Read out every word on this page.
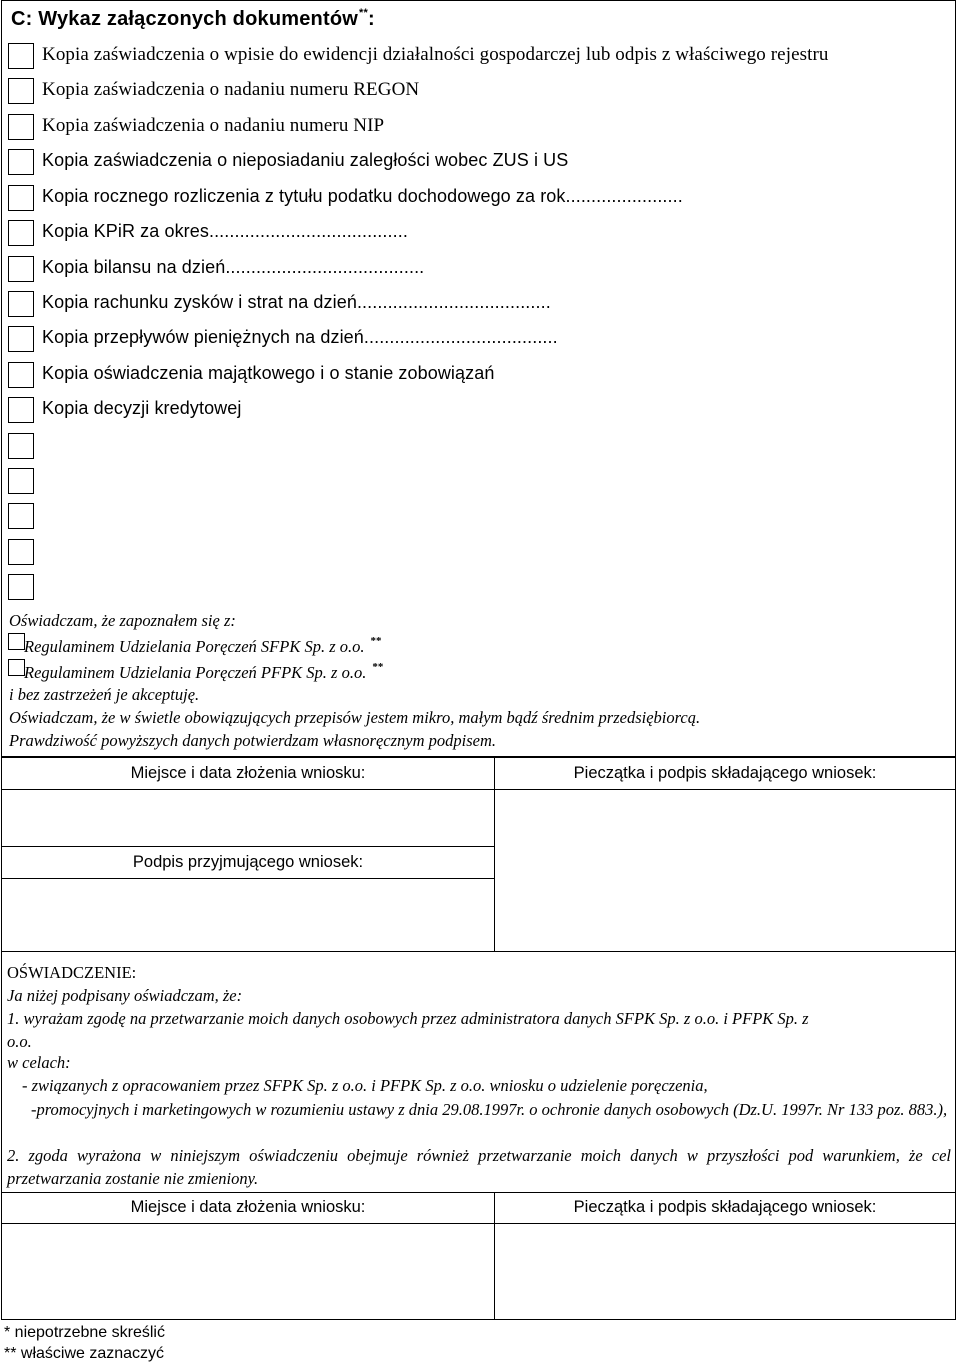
C: Wykaz załączonych dokumentów**:
Kopia zaświadczenia o wpisie do ewidencji działalności gospodarczej lub odpis z właściwego rejestru
Kopia zaświadczenia o nadaniu numeru REGON
Kopia zaświadczenia o nadaniu numeru NIP
Kopia zaświadczenia o nieposiadaniu zaległości wobec ZUS i US
Kopia rocznego rozliczenia z tytułu podatku dochodowego za rok.......................
Kopia KPiR za okres.......................................
Kopia bilansu na dzień.......................................
Kopia rachunku zysków i strat na dzień......................................
Kopia przepływów pieniężnych na dzień......................................
Kopia oświadczenia majątkowego i o stanie zobowiązań
Kopia decyzji kredytowej
Oświadczam, że zapoznałem się z:
Regulaminem Udzielania Poręczeń SFPK Sp. z o.o. **
Regulaminem Udzielania Poręczeń PFPK Sp. z o.o. **
i bez zastrzeżeń je akceptuję.
Oświadczam, że w świetle obowiązujących przepisów jestem mikro, małym bądź średnim przedsiębiorcą.
Prawdziwość powyższych danych potwierdzam własnoręcznym podpisem.
Miejsce i data złożenia wniosku:	Pieczątka i podpis składającego wniosek:
Podpis przyjmującego wniosek:
OŚWIADCZENIE:
Ja niżej podpisany oświadczam, że:
1. wyrażam zgodę na przetwarzanie moich danych osobowych przez administratora danych SFPK Sp. z o.o. i PFPK Sp. z
o.o.
w celach:
- związanych z opracowaniem przez SFPK Sp. z o.o. i PFPK Sp. z o.o. wniosku o udzielenie poręczenia,
-promocyjnych i marketingowych w rozumieniu ustawy z dnia 29.08.1997r. o ochronie danych osobowych (Dz.U. 1997r. Nr 133 poz. 883.),
2. zgoda wyrażona w niniejszym oświadczeniu obejmuje również przetwarzanie moich danych w przyszłości pod warunkiem, że cel przetwarzania zostanie nie zmieniony.
Miejsce i data złożenia wniosku:	Pieczątka i podpis składającego wniosek:
* niepotrzebne skreślić
** właściwe zaznaczyć
